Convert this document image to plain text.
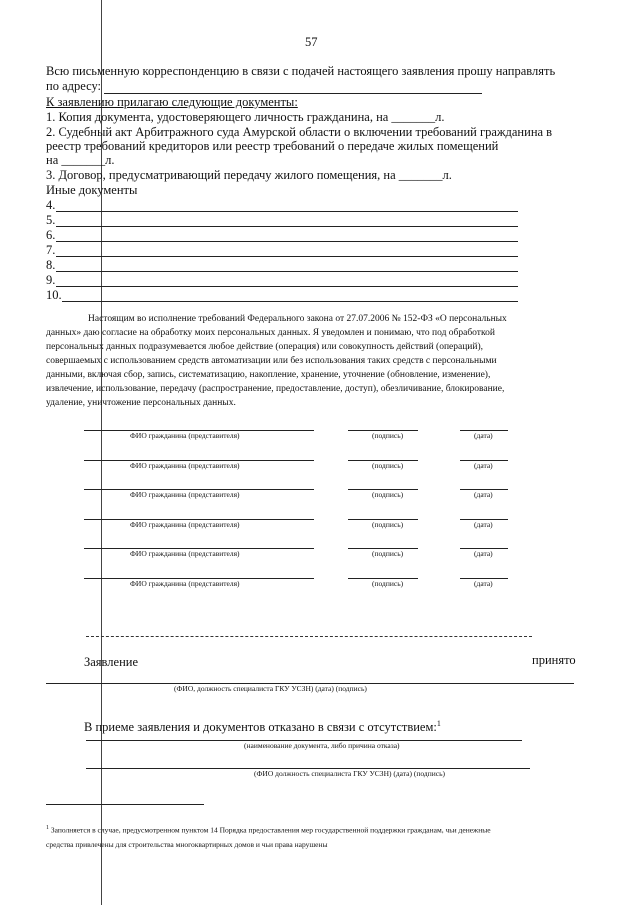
57
Всю письменную корреспонденцию в связи с подачей настоящего заявления прошу направлять
по адресу:
К заявлению прилагаю следующие документы:
1. Копия документа, удостоверяющего личность гражданина, на _______л.
2. Судебный акт Арбитражного суда Амурской области о включении требований гражданина в
реестр требований кредиторов или реестр требований о передаче жилых помещений
на _______л.
3. Договор, предусматривающий передачу жилого помещения, на _______л.
Иные документы
4.
5.
6.
7.
8.
9.
10.
Настоящим во исполнение требований Федерального закона от 27.07.2006 № 152-ФЗ «О персональных
данных» даю согласие на обработку моих персональных данных. Я уведомлен и понимаю, что под обработкой
персональных данных подразумевается любое действие (операция) или совокупность действий (операций),
совершаемых с использованием средств автоматизации или без использования таких средств с персональными
данными, включая сбор, запись, систематизацию, накопление, хранение, уточнение (обновление, изменение),
извлечение, использование, передачу (распространение, предоставление, доступ), обезличивание, блокирование,
удаление, уничтожение персональных данных.
ФИО гражданина (представителя)	(подпись)	(дата)
ФИО гражданина (представителя)	(подпись)	(дата)
ФИО гражданина (представителя)	(подпись)	(дата)
ФИО гражданина (представителя)	(подпись)	(дата)
ФИО гражданина (представителя)	(подпись)	(дата)
ФИО гражданина (представителя)	(подпись)	(дата)
Заявление	принято
(ФИО, должность специалиста ГКУ УСЗН) (дата) (подпись)
В приеме заявления и документов отказано в связи с отсутствием:$^1$
(наименование документа, либо причина отказа)
(ФИО должность специалиста ГКУ УСЗН) (дата) (подпись)
$^1$ Заполняется в случае, предусмотренном пунктом 14 Порядка предоставления мер государственной поддержки гражданам, чьи денежные
средства привлечены для строительства многоквартирных домов и чьи права нарушены
